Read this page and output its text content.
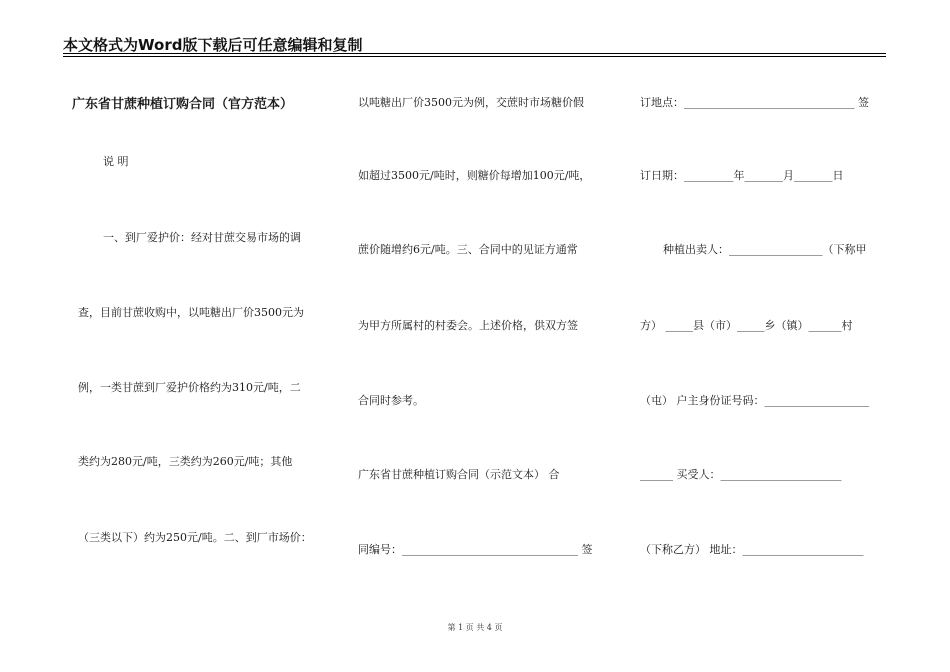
本文格式为Word版下载后可任意编辑和复制
广东省甘蔗种植订购合同（官方范本）
说 明
一、到厂爱护价：经对甘蔗交易市场的调
查，目前甘蔗收购中，以吨糖出厂价3500元为
例，一类甘蔗到厂爱护价格约为310元/吨，二
类约为280元/吨，三类约为260元/吨；其他
（三类以下）约为250元/吨。二、到厂市场价：
以吨糖出厂价3500元为例，交蔗时市场糖价假
如超过3500元/吨时，则糖价每增加100元/吨，
蔗价随增约6元/吨。三、合同中的见证方通常
为甲方所属村的村委会。上述价格，供双方签
合同时参考。
广东省甘蔗种植订购合同（示范文本） 合
同编号：________________________________ 签
订地点：_______________________________ 签
订日期：_________年_______月_______日
种植出卖人：_________________（下称甲
方） _____县（市）_____乡（镇）______村
（屯） 户主身份证号码：___________________
______ 买受人：______________________
（下称乙方） 地址：______________________
第 1 页 共 4 页
